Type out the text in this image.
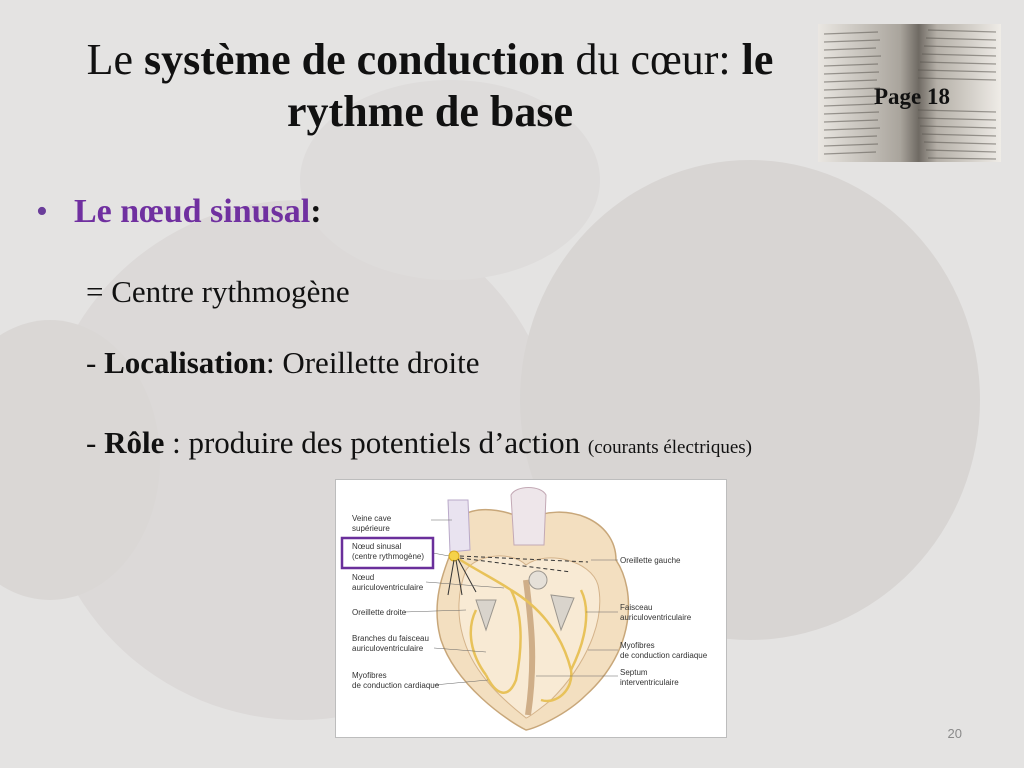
Le système de conduction du cœur: le rythme de base	Page 18
• Le nœud sinusal :
= Centre rythmogène
- Localisation: Oreillette droite
- Rôle : produire des potentiels d’action (courants électriques)
Veine cave
supérieure
Nœud sinusal
(centre rythmogène)
Nœud
auriculoventriculaire
Oreillette droite
Branches du faisceau
auriculoventriculaire
Myofibres
de conduction cardiaque
Oreillette gauche
Faisceau
auriculoventriculaire
Myofibres
de conduction cardiaque
Septum
interventriculaire
20
